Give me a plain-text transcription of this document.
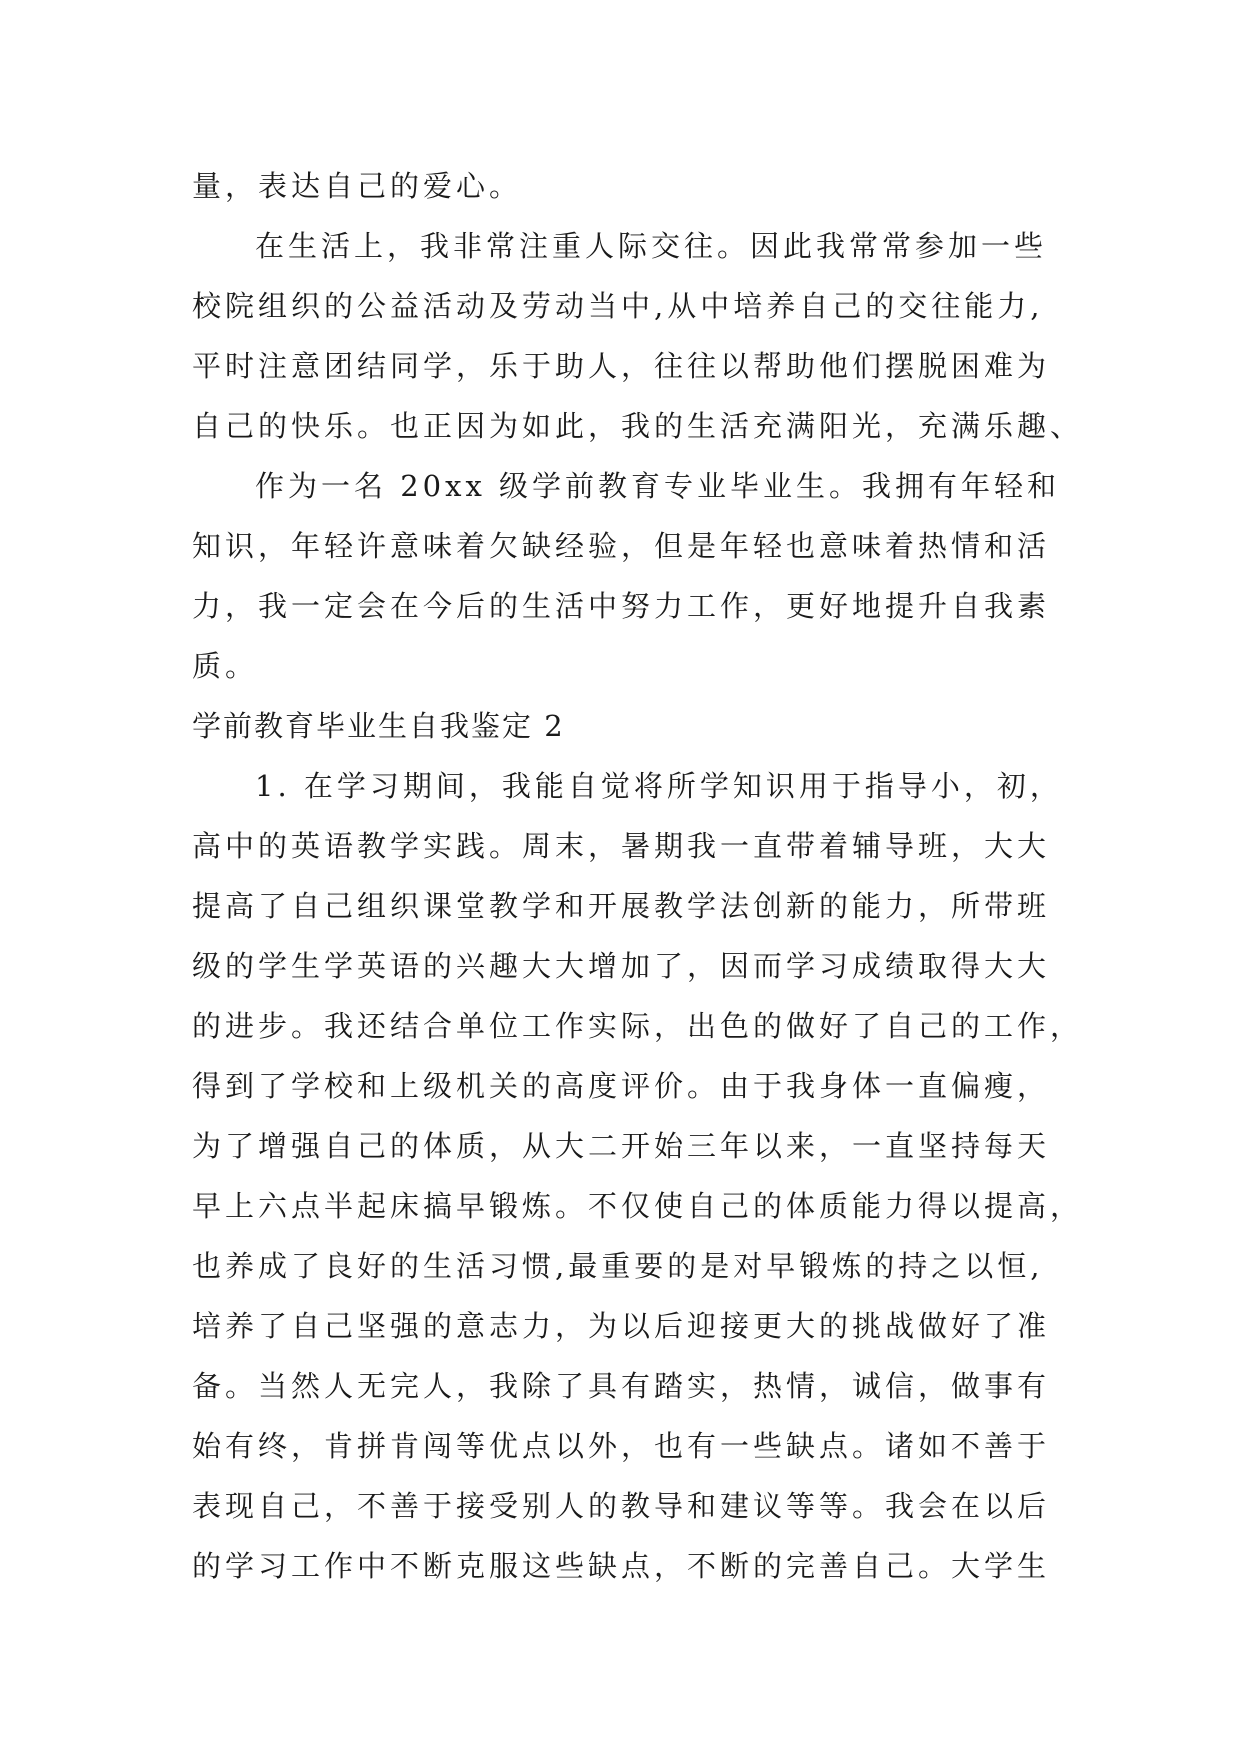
量，表达自己的爱心。
在生活上，我非常注重人际交往。因此我常常参加一些
校院组织的公益活动及劳动当中,从中培养自己的交往能力,
平时注意团结同学，乐于助人，往往以帮助他们摆脱困难为
自己的快乐。也正因为如此，我的生活充满阳光，充满乐趣、
作为一名 20xx 级学前教育专业毕业生。我拥有年轻和
知识，年轻许意味着欠缺经验，但是年轻也意味着热情和活
力，我一定会在今后的生活中努力工作，更好地提升自我素
质。
学前教育毕业生自我鉴定 2
1. 在学习期间，我能自觉将所学知识用于指导小，初，
高中的英语教学实践。周末，暑期我一直带着辅导班，大大
提高了自己组织课堂教学和开展教学法创新的能力，所带班
级的学生学英语的兴趣大大增加了，因而学习成绩取得大大
的进步。我还结合单位工作实际，出色的做好了自己的工作，
得到了学校和上级机关的高度评价。由于我身体一直偏瘦，
为了增强自己的体质，从大二开始三年以来，一直坚持每天
早上六点半起床搞早锻炼。不仅使自己的体质能力得以提高，
也养成了良好的生活习惯,最重要的是对早锻炼的持之以恒,
培养了自己坚强的意志力，为以后迎接更大的挑战做好了准
备。当然人无完人，我除了具有踏实，热情，诚信，做事有
始有终，肯拼肯闯等优点以外，也有一些缺点。诸如不善于
表现自己，不善于接受别人的教导和建议等等。我会在以后
的学习工作中不断克服这些缺点，不断的完善自己。大学生
